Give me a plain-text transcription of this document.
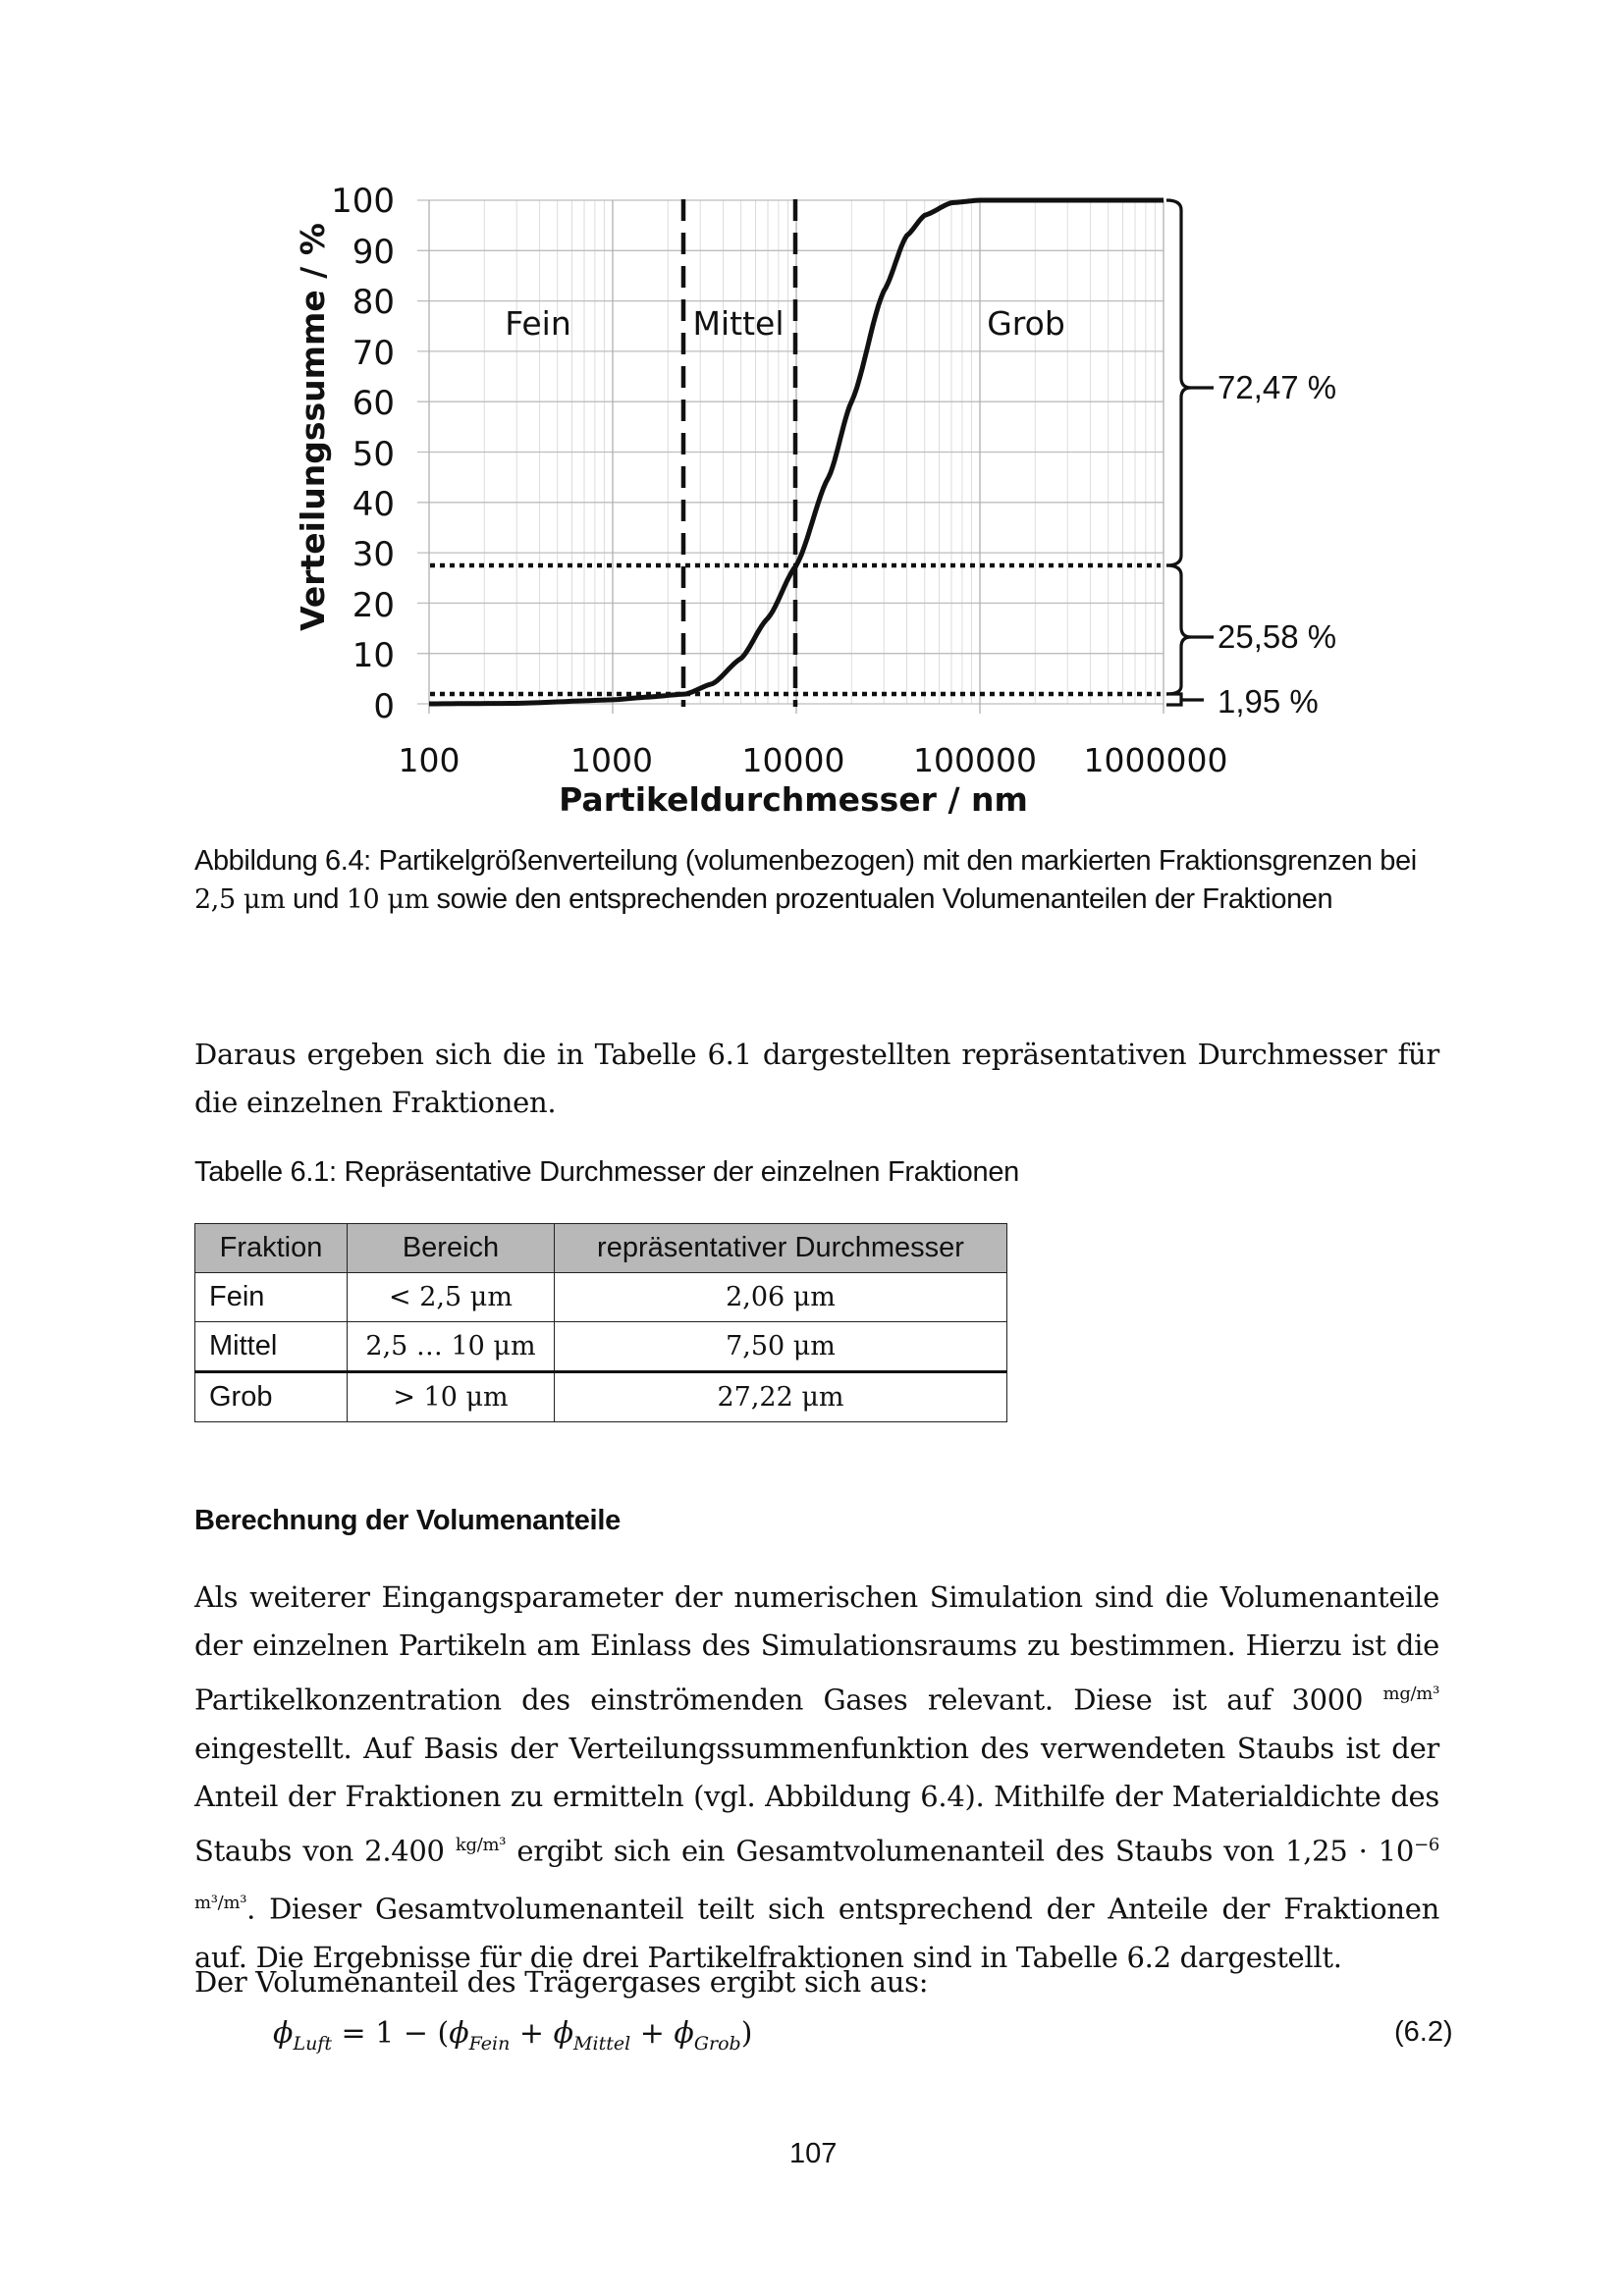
100
90
80
70
60
50
40
30
20
10
0
Verteilungssumme / %
100	1000	10000 100000 1000000
Partikeldurchmesser / nm
Fein	Mittel	Grob
72,47 %
25,58 %
1,95 %
Abbildung 6.4: Partikelgrößenverteilung (volumenbezogen) mit den markierten Fraktionsgrenzen bei 2,5 μm und 10 μm sowie den entsprechenden prozentualen Volumenanteilen der Fraktionen
Daraus ergeben sich die in Tabelle 6.1 dargestellten repräsentativen Durchmesser für die einzelnen Fraktionen.
Tabelle 6.1: Repräsentative Durchmesser der einzelnen Fraktionen
Fraktion	Bereich	repräsentativer Durchmesser
Fein	< 2,5 μm	2,06 μm
Mittel	2,5 … 10 μm	7,50 μm
Grob	> 10 μm	27,22 μm
Berechnung der Volumenanteile
Als weiterer Eingangsparameter der numerischen Simulation sind die Volumenanteile der einzelnen Partikeln am Einlass des Simulationsraums zu bestimmen. Hierzu ist die Partikelkonzentration des einströmenden Gases relevant. Diese ist auf 3000 $^{mg/m^3}$ eingestellt. Auf Basis der Verteilungssummenfunktion des verwendeten Staubs ist der Anteil der Fraktionen zu ermitteln (vgl. Abbildung 6.4). Mithilfe der Materialdichte des Staubs von 2.400 $^{kg/m^3}$ ergibt sich ein Gesamtvolumenanteil des Staubs von $1,25 \cdot 10^{-6}$ $^{m^3/m^3}$. Dieser Gesamtvolumenanteil teilt sich entsprechend der Anteile der Fraktionen auf. Die Ergebnisse für die drei Partikelfraktionen sind in Tabelle 6.2 dargestellt.
Der Volumenanteil des Trägergases ergibt sich aus:
$\phi_{Luft} = 1 - (\phi_{Fein} + \phi_{Mittel} + \phi_{Grob})$	(6.2)
107
